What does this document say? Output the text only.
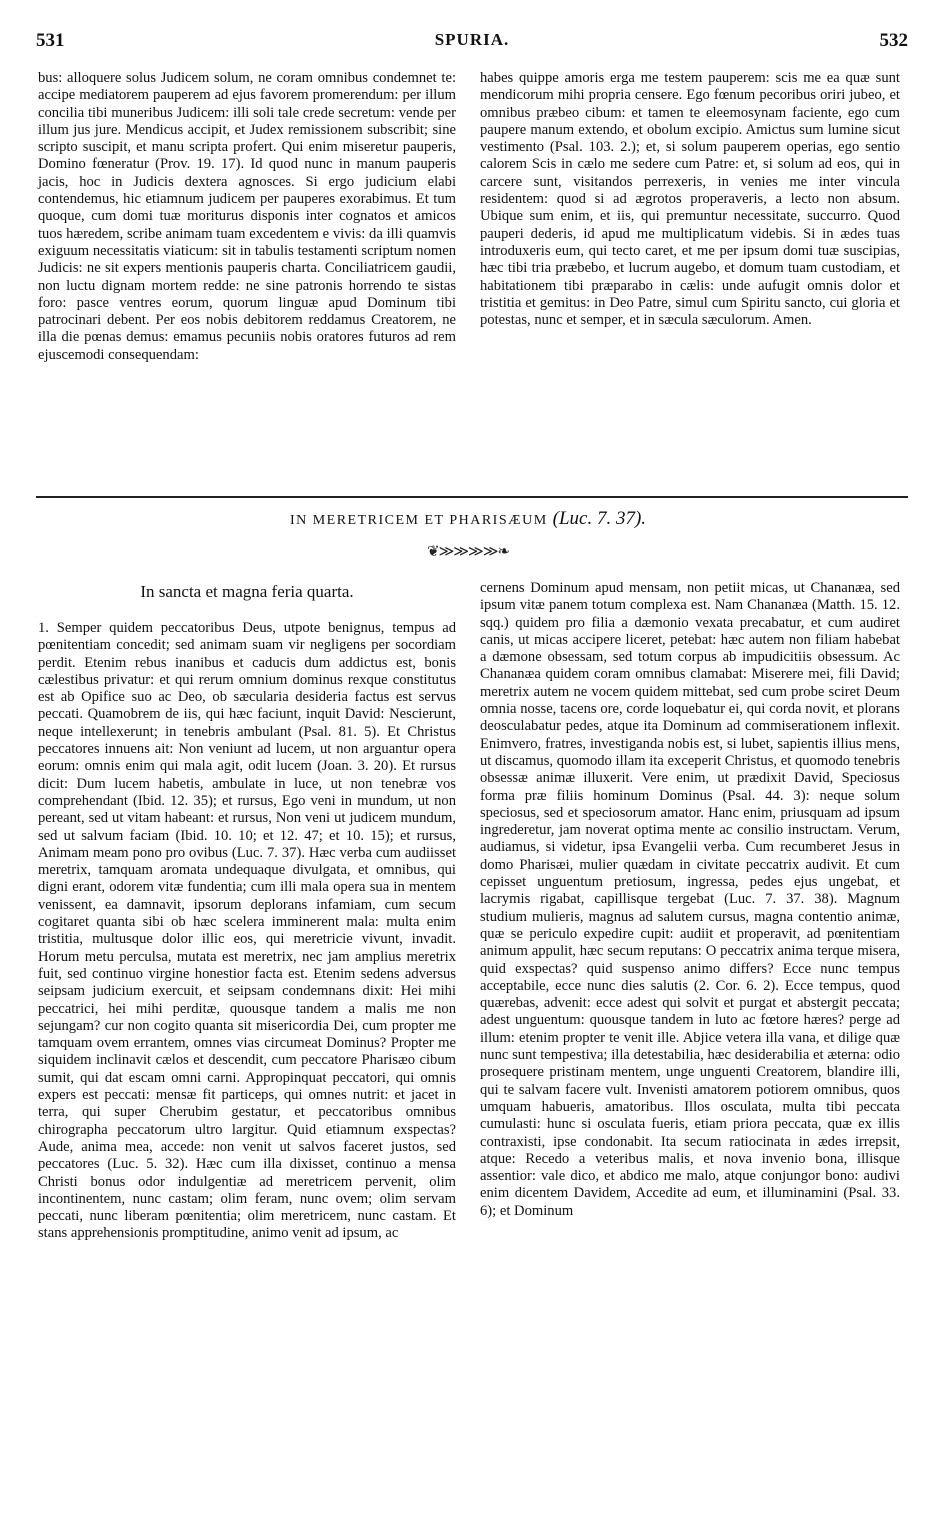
531	SPURIA.	532

bus: alloquere solus Judicem solum, ne coram omnibus condemnet te: accipe mediatorem pauperem ad ejus favorem promerendum: per illum concilia tibi muneribus Judicem: illi soli tale crede secretum: vende per illum jus jure. Mendicus accipit, et Judex remissionem subscribit; sine scripto suscipit, et manu scripta profert. Qui enim miseretur pauperis, Domino fœneratur (Prov. 19. 17). Id quod nunc in manum pauperis jacis, hoc in Judicis dextera agnosces. Si ergo judicium elabi contendemus, hic etiamnum judicem per pauperes exorabimus. Et tum quoque, cum domi tuæ moriturus disponis inter cognatos et amicos tuos hæredem, scribe animam tuam excedentem e vivis: da illi quamvis exiguum necessitatis viaticum: sit in tabulis testamenti scriptum nomen Judicis: ne sit expers mentionis pauperis charta. Conciliatricem gaudii, non luctu dignam mortem redde: ne sine patronis horrendo te sistas foro: pasce ventres eorum, quorum linguæ apud Dominum tibi patrocinari debent. Per eos nobis debitorem reddamus Creatorem, ne illa die pœnas demus: emamus pecuniis nobis oratores futuros ad rem ejuscemodi consequendam:

habes quippe amoris erga me testem pauperem: scis me ea quæ sunt mendicorum mihi propria censere. Ego fœnum pecoribus oriri jubeo, et omnibus præbeo cibum: et tamen te eleemosynam faciente, ego cum paupere manum extendo, et obolum excipio. Amictus sum lumine sicut vestimento (Psal. 103. 2.); et, si solum pauperem operias, ego sentio calorem Scis in cælo me sedere cum Patre: et, si solum ad eos, qui in carcere sunt, visitandos perrexeris, in venies me inter vincula residentem: quod si ad ægrotos properaveris, a lecto non absum. Ubique sum enim, et iis, qui premuntur necessitate, succurro. Quod pauperi dederis, id apud me multiplicatum videbis. Si in ædes tuas introduxeris eum, qui tecto caret, et me per ipsum domi tuæ suscipias, hæc tibi tria præbebo, et lucrum augebo, et domum tuam custodiam, et habitationem tibi præparabo in cælis: unde aufugit omnis dolor et tristitia et gemitus: in Deo Patre, simul cum Spiritu sancto, cui gloria et potestas, nunc et semper, et in sæcula sæculorum. Amen.

IN MERETRICEM ET PHARISÆUM (Luc. 7. 37).
❦≫≫≫≫❧
In sancta et magna feria quarta.

1. Semper quidem peccatoribus Deus, utpote benignus, tempus ad pœnitentiam concedit; sed animam suam vir negligens per socordiam perdit. Etenim rebus inanibus et caducis dum addictus est, bonis cælestibus privatur: et qui rerum omnium dominus rexque constitutus est ab Opifice suo ac Deo, ob sæcularia desideria factus est servus peccati. Quamobrem de iis, qui hæc faciunt, inquit David: Nescierunt, neque intellexerunt; in tenebris ambulant (Psal. 81. 5). Et Christus peccatores innuens ait: Non veniunt ad lucem, ut non arguantur opera eorum: omnis enim qui mala agit, odit lucem (Joan. 3. 20). Et rursus dicit: Dum lucem habetis, ambulate in luce, ut non tenebræ vos comprehendant (Ibid. 12. 35); et rursus, Ego veni in mundum, ut non pereant, sed ut vitam habeant: et rursus, Non veni ut judicem mundum, sed ut salvum faciam (Ibid. 10. 10; et 12. 47; et 10. 15); et rursus, Animam meam pono pro ovibus (Luc. 7. 37). Hæc verba cum audiisset meretrix, tamquam aromata undequaque divulgata, et omnibus, qui digni erant, odorem vitæ fundentia; cum illi mala opera sua in mentem venissent, ea damnavit, ipsorum deplorans infamiam, cum secum cogitaret quanta sibi ob hæc scelera imminerent mala: multa enim tristitia, multusque dolor illic eos, qui meretricie vivunt, invadit. Horum metu perculsa, mutata est meretrix, nec jam amplius meretrix fuit, sed continuo virgine honestior facta est. Etenim sedens adversus seipsam judicium exercuit, et seipsam condemnans dixit: Hei mihi peccatrici, hei mihi perditæ, quousque tandem a malis me non sejungam? cur non cogito quanta sit misericordia Dei, cum propter me tamquam ovem errantem, omnes vias circumeat Dominus? Propter me siquidem inclinavit cælos et descendit, cum peccatore Pharisæo cibum sumit, qui dat escam omni carni. Appropinquat peccatori, qui omnis expers est peccati: mensæ fit particeps, qui omnes nutrit: et jacet in terra, qui super Cherubim gestatur, et peccatoribus omnibus chirographa peccatorum ultro largitur. Quid etiamnum exspectas? Aude, anima mea, accede: non venit ut salvos faceret justos, sed peccatores (Luc. 5. 32). Hæc cum illa dixisset, continuo a mensa Christi bonus odor indulgentiæ ad meretricem pervenit, olim incontinentem, nunc castam; olim feram, nunc ovem; olim servam peccati, nunc liberam pœnitentia; olim meretricem, nunc castam. Et stans apprehensionis promptitudine, animo venit ad ipsum, ac

cernens Dominum apud mensam, non petiit micas, ut Chananæa, sed ipsum vitæ panem totum complexa est. Nam Chananæa (Matth. 15. 12. sqq.) quidem pro filia a dæmonio vexata precabatur, et cum audiret canis, ut micas accipere liceret, petebat: hæc autem non filiam habebat a dæmone obsessam, sed totum corpus ab impudicitiis obsessum. Ac Chananæa quidem coram omnibus clamabat: Miserere mei, fili David; meretrix autem ne vocem quidem mittebat, sed cum probe sciret Deum omnia nosse, tacens ore, corde loquebatur ei, qui corda novit, et plorans deosculabatur pedes, atque ita Dominum ad commiserationem inflexit. Enimvero, fratres, investiganda nobis est, si lubet, sapientis illius mens, ut discamus, quomodo illam ita exceperit Christus, et quomodo tenebris obsessæ animæ illuxerit. Vere enim, ut prædixit David, Speciosus forma præ filiis hominum Dominus (Psal. 44. 3): neque solum speciosus, sed et speciosorum amator. Hanc enim, priusquam ad ipsum ingrederetur, jam noverat optima mente ac consilio instructam. Verum, audiamus, si videtur, ipsa Evangelii verba. Cum recumberet Jesus in domo Pharisæi, mulier quædam in civitate peccatrix audivit. Et cum cepisset unguentum pretiosum, ingressa, pedes ejus ungebat, et lacrymis rigabat, capillisque tergebat (Luc. 7. 37. 38). Magnum studium mulieris, magnus ad salutem cursus, magna contentio animæ, quæ se periculo expedire cupit: audiit et properavit, ad pœnitentiam animum appulit, hæc secum reputans: O peccatrix anima terque misera, quid exspectas? quid suspenso animo differs? Ecce nunc tempus acceptabile, ecce nunc dies salutis (2. Cor. 6. 2). Ecce tempus, quod quærebas, advenit: ecce adest qui solvit et purgat et abstergit peccata; adest unguentum: quousque tandem in luto ac fœtore hæres? perge ad illum: etenim propter te venit ille. Abjice vetera illa vana, et dilige quæ nunc sunt tempestiva; illa detestabilia, hæc desiderabilia et æterna: odio prosequere pristinam mentem, unge unguenti Creatorem, blandire illi, qui te salvam facere vult. Invenisti amatorem potiorem omnibus, quos umquam habueris, amatoribus. Illos osculata, multa tibi peccata cumulasti: hunc si osculata fueris, etiam priora peccata, quæ ex illis contraxisti, ipse condonabit. Ita secum ratiocinata in ædes irrepsit, atque: Recedo a veteribus malis, et nova invenio bona, illisque assentior: vale dico, et abdico me malo, atque conjungor bono: audivi enim dicentem Davidem, Accedite ad eum, et illuminamini (Psal. 33. 6); et Dominum
